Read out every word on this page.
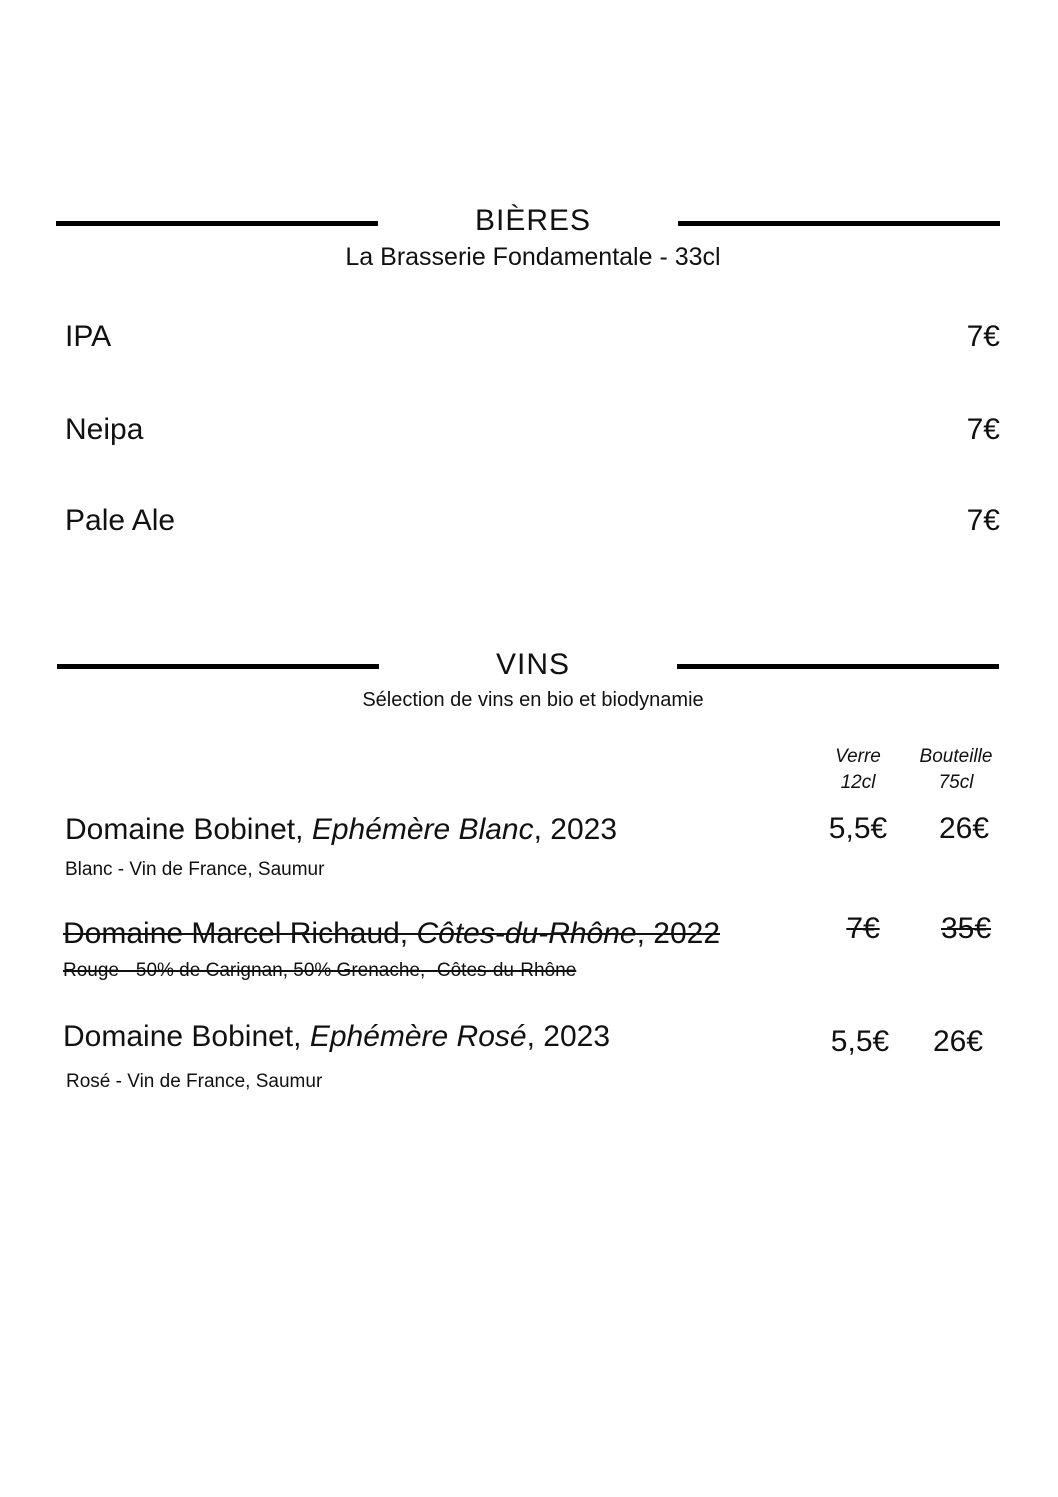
BIÈRES
La Brasserie Fondamentale - 33cl
IPA	7€
Neipa	7€
Pale Ale	7€
VINS
Sélection de vins en bio et biodynamie
Verre
12cl
Bouteille
75cl
Domaine Bobinet, Ephémère Blanc, 2023
Blanc - Vin de France, Saumur
5,5€	26€
Domaine Marcel Richaud, Côtes-du-Rhône, 2022
Rouge - 50% de Carignan, 50% Grenache, -Côtes-du-Rhône
7€	35€
Domaine Bobinet, Ephémère Rosé, 2023
Rosé - Vin de France, Saumur
5,5€	26€
